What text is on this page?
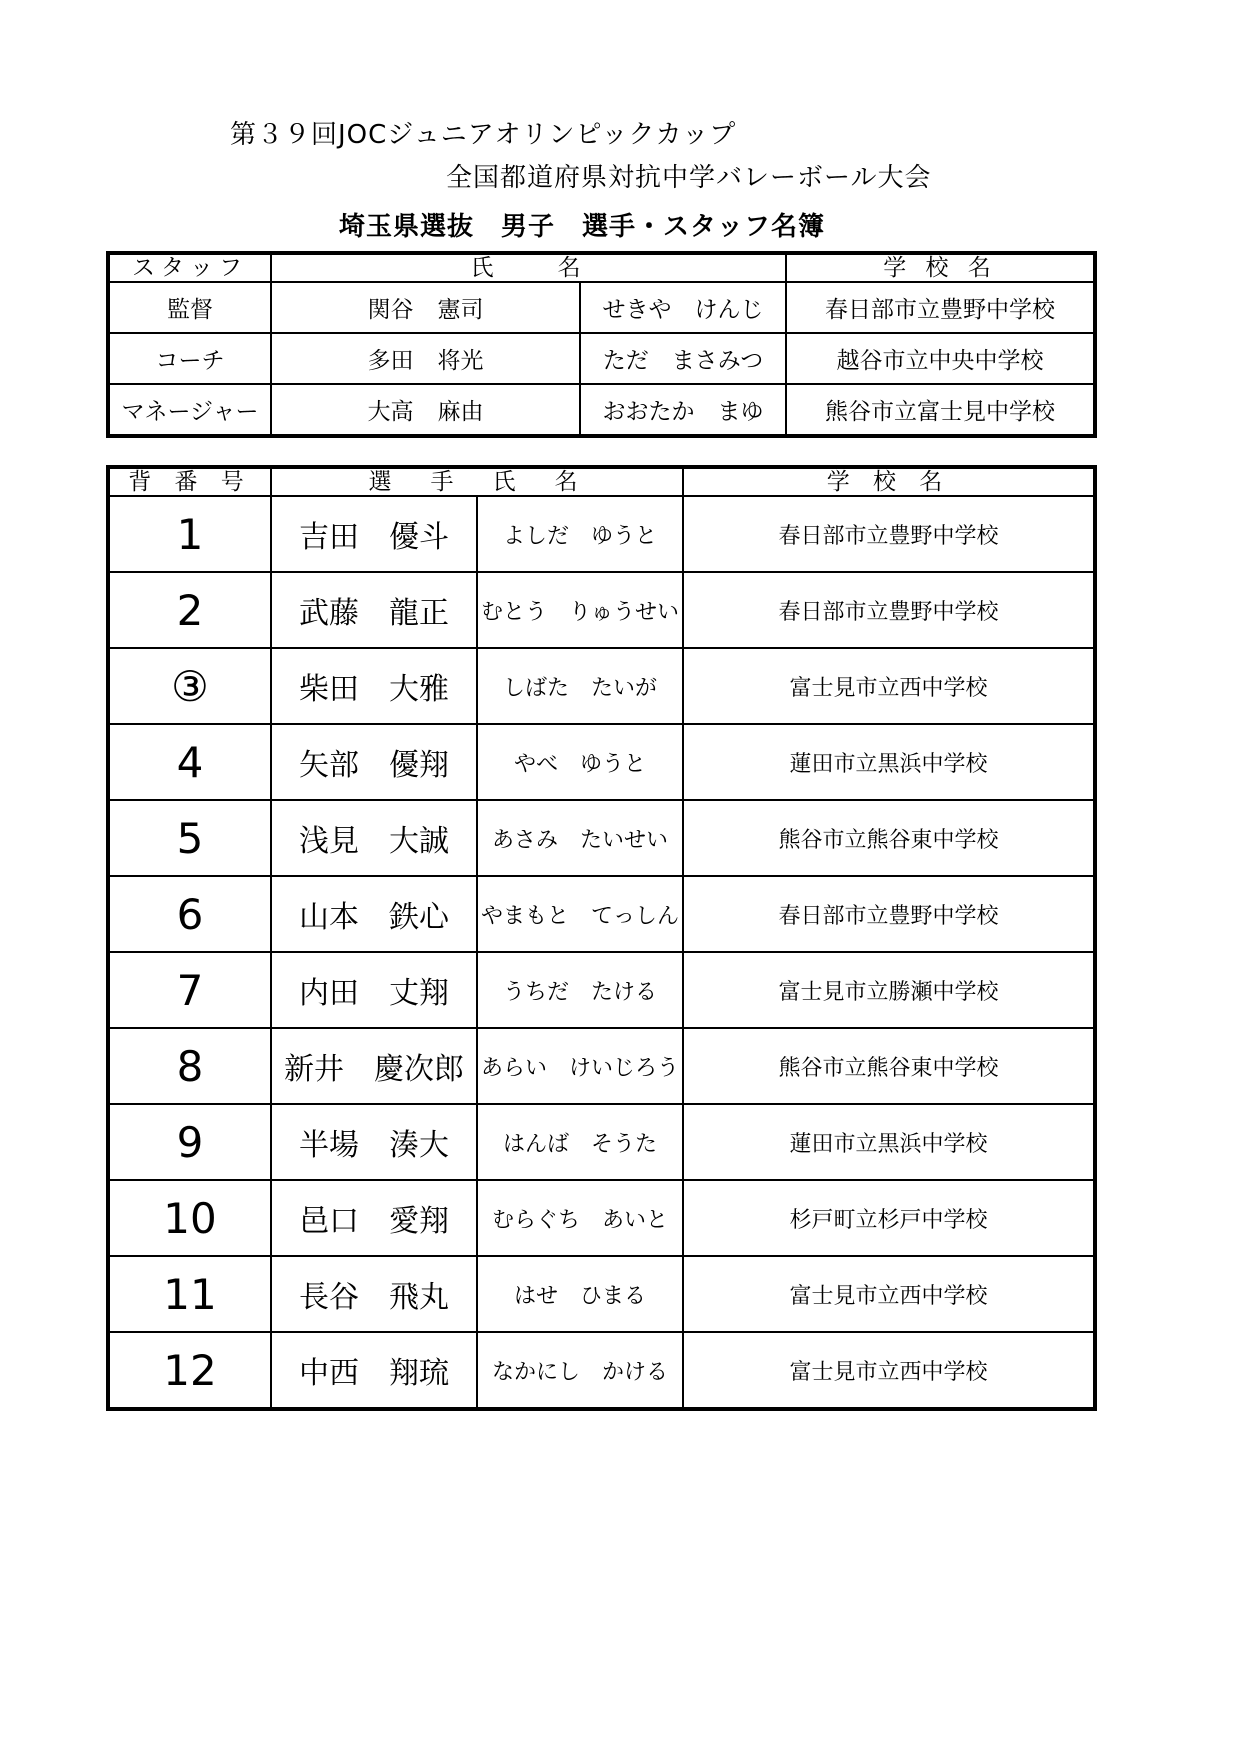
第３９回JOCジュニアオリンピックカップ
全国都道府県対抗中学バレーボール大会
埼玉県選抜　男子　選手・スタッフ名簿
スタッフ	氏　　名		学 校 名
監督	関谷 憲司	せきや　けんじ	春日部市立豊野中学校
コーチ	多田 将光	ただ　まさみつ	越谷市立中央中学校
マネージャー	大高 麻由	おおたか　まゆ	熊谷市立富士見中学校
背 番 号	選　手　氏　名		学 校 名
1	吉田 優斗	よしだ　ゆうと	春日部市立豊野中学校
2	武藤 龍正	むとう　りゅうせい	春日部市立豊野中学校
③	柴田 大雅	しばた　たいが	富士見市立西中学校
4	矢部 優翔	やべ　ゆうと	蓮田市立黒浜中学校
5	浅見 大誠	あさみ　たいせい	熊谷市立熊谷東中学校
6	山本 鉄心	やまもと　てっしん	春日部市立豊野中学校
7	内田 丈翔	うちだ　たける	富士見市立勝瀬中学校
8	新井 慶次郎	あらい　けいじろう	熊谷市立熊谷東中学校
9	半場 湊大	はんば　そうた	蓮田市立黒浜中学校
10	邑口 愛翔	むらぐち　あいと	杉戸町立杉戸中学校
11	長谷 飛丸	はせ　ひまる	富士見市立西中学校
12	中西 翔琉	なかにし　かける	富士見市立西中学校
